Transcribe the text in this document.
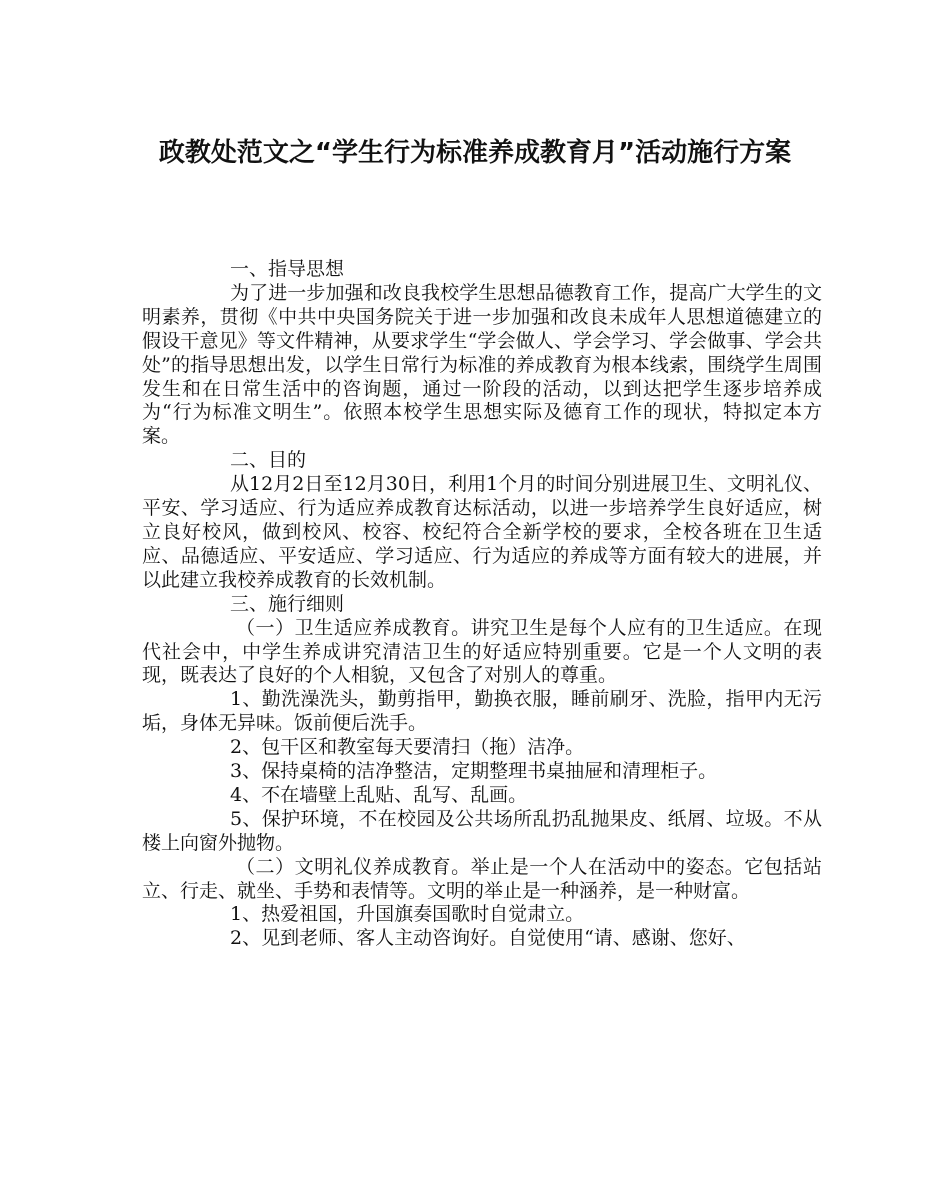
政教处范文之“学生行为标准养成教育月”活动施行方案

一、指导思想

为了进一步加强和改良我校学生思想品德教育工作，提高广大学生的文明素养，贯彻《中共中央国务院关于进一步加强和改良未成年人思想道德建立的假设干意见》等文件精神，从要求学生“学会做人、学会学习、学会做事、学会共处”的指导思想出发，以学生日常行为标准的养成教育为根本线索，围绕学生周围发生和在日常生活中的咨询题，通过一阶段的活动，以到达把学生逐步培养成为“行为标准文明生”。依照本校学生思想实际及德育工作的现状，特拟定本方案。

二、目的

从12月2日至12月30日，利用1个月的时间分别进展卫生、文明礼仪、平安、学习适应、行为适应养成教育达标活动，以进一步培养学生良好适应，树立良好校风，做到校风、校容、校纪符合全新学校的要求，全校各班在卫生适应、品德适应、平安适应、学习适应、行为适应的养成等方面有较大的进展，并以此建立我校养成教育的长效机制。

三、施行细则

（一）卫生适应养成教育。讲究卫生是每个人应有的卫生适应。在现代社会中，中学生养成讲究清洁卫生的好适应特别重要。它是一个人文明的表现，既表达了良好的个人相貌，又包含了对别人的尊重。

1、勤洗澡洗头，勤剪指甲，勤换衣服，睡前刷牙、洗脸，指甲内无污垢，身体无异味。饭前便后洗手。

2、包干区和教室每天要清扫（拖）洁净。

3、保持桌椅的洁净整洁，定期整理书桌抽屉和清理柜子。

4、不在墙壁上乱贴、乱写、乱画。

5、保护环境，不在校园及公共场所乱扔乱抛果皮、纸屑、垃圾。不从楼上向窗外抛物。

（二）文明礼仪养成教育。举止是一个人在活动中的姿态。它包括站立、行走、就坐、手势和表情等。文明的举止是一种涵养，是一种财富。

1、热爱祖国，升国旗奏国歌时自觉肃立。

2、见到老师、客人主动咨询好。自觉使用“请、感谢、您好、
